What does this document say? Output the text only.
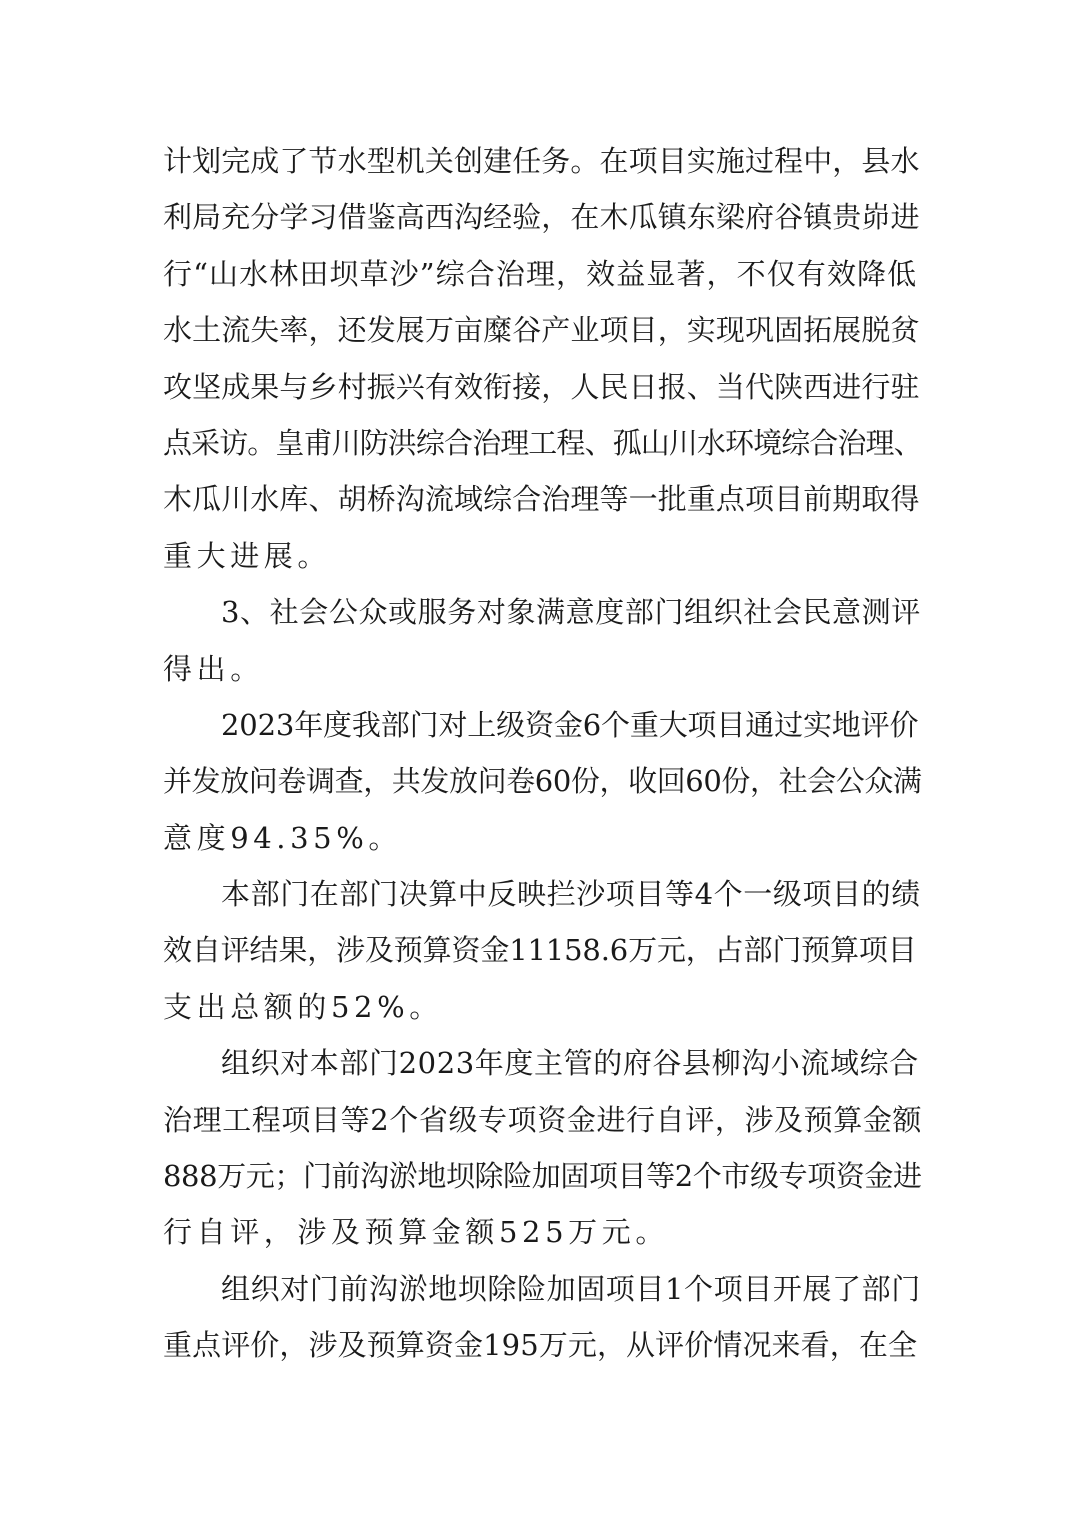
计划完成了节水型机关创建任务。在项目实施过程中，县水
利局充分学习借鉴高西沟经验，在木瓜镇东梁府谷镇贵峁进
行“山水林田坝草沙”综合治理，效益显著，不仅有效降低
水土流失率，还发展万亩糜谷产业项目，实现巩固拓展脱贫
攻坚成果与乡村振兴有效衔接，人民日报、当代陕西进行驻
点采访。皇甫川防洪综合治理工程、孤山川水环境综合治理、
木瓜川水库、胡桥沟流域综合治理等一批重点项目前期取得
重大进展。
3、社会公众或服务对象满意度部门组织社会民意测评
得出。
2023年度我部门对上级资金6个重大项目通过实地评价
并发放问卷调查，共发放问卷60份，收回60份，社会公众满
意度94.35%。
本部门在部门决算中反映拦沙项目等4个一级项目的绩
效自评结果，涉及预算资金11158.6万元，占部门预算项目
支出总额的52%。
组织对本部门2023年度主管的府谷县柳沟小流域综合
治理工程项目等2个省级专项资金进行自评，涉及预算金额
888万元；门前沟淤地坝除险加固项目等2个市级专项资金进
行自评，涉及预算金额525万元。
组织对门前沟淤地坝除险加固项目1个项目开展了部门
重点评价，涉及预算资金195万元，从评价情况来看，在全
